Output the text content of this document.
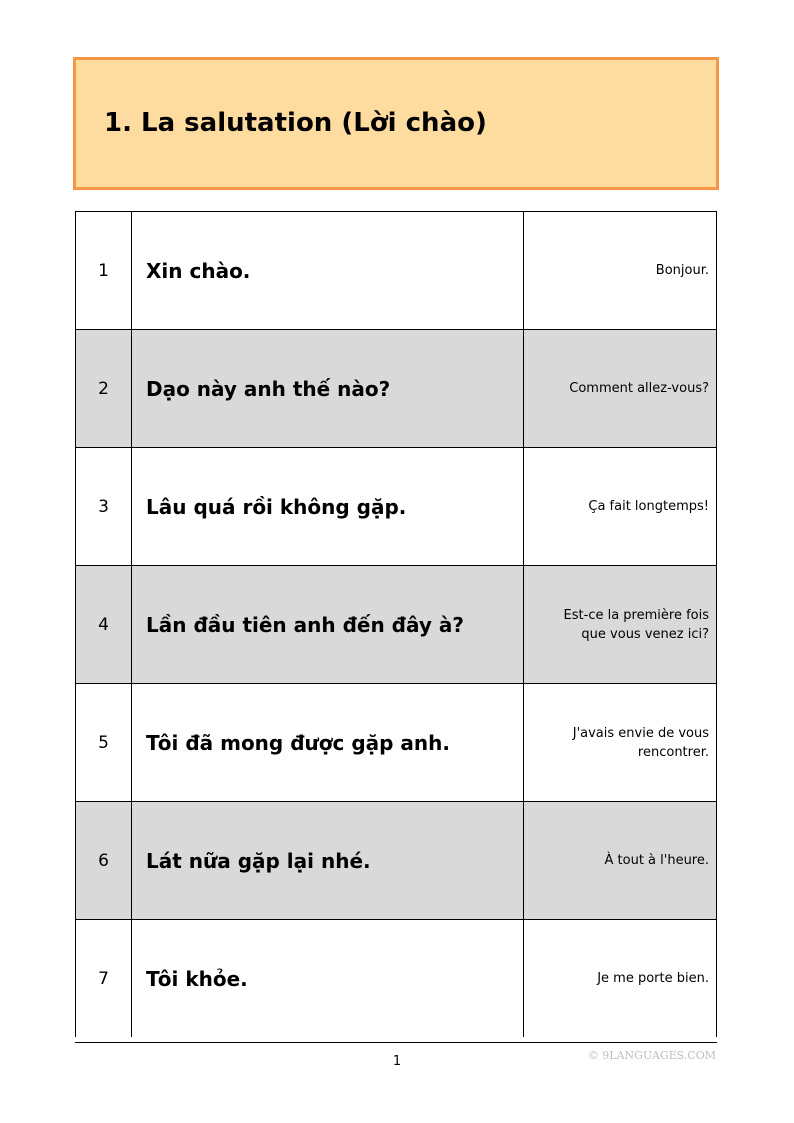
1. La salutation (Lời chào)
1	Xin chào.	Bonjour.
2	Dạo này anh thế nào?	Comment allez-vous?
3	Lâu quá rồi không gặp.	Ça fait longtemps!
4	Lần đầu tiên anh đến đây à?	Est-ce la première fois que vous venez ici?
5	Tôi đã mong được gặp anh.	J'avais envie de vous rencontrer.
6	Lát nữa gặp lại nhé.	À tout à l'heure.
7	Tôi khỏe.	Je me porte bien.
1	© 9LANGUAGES.COM
